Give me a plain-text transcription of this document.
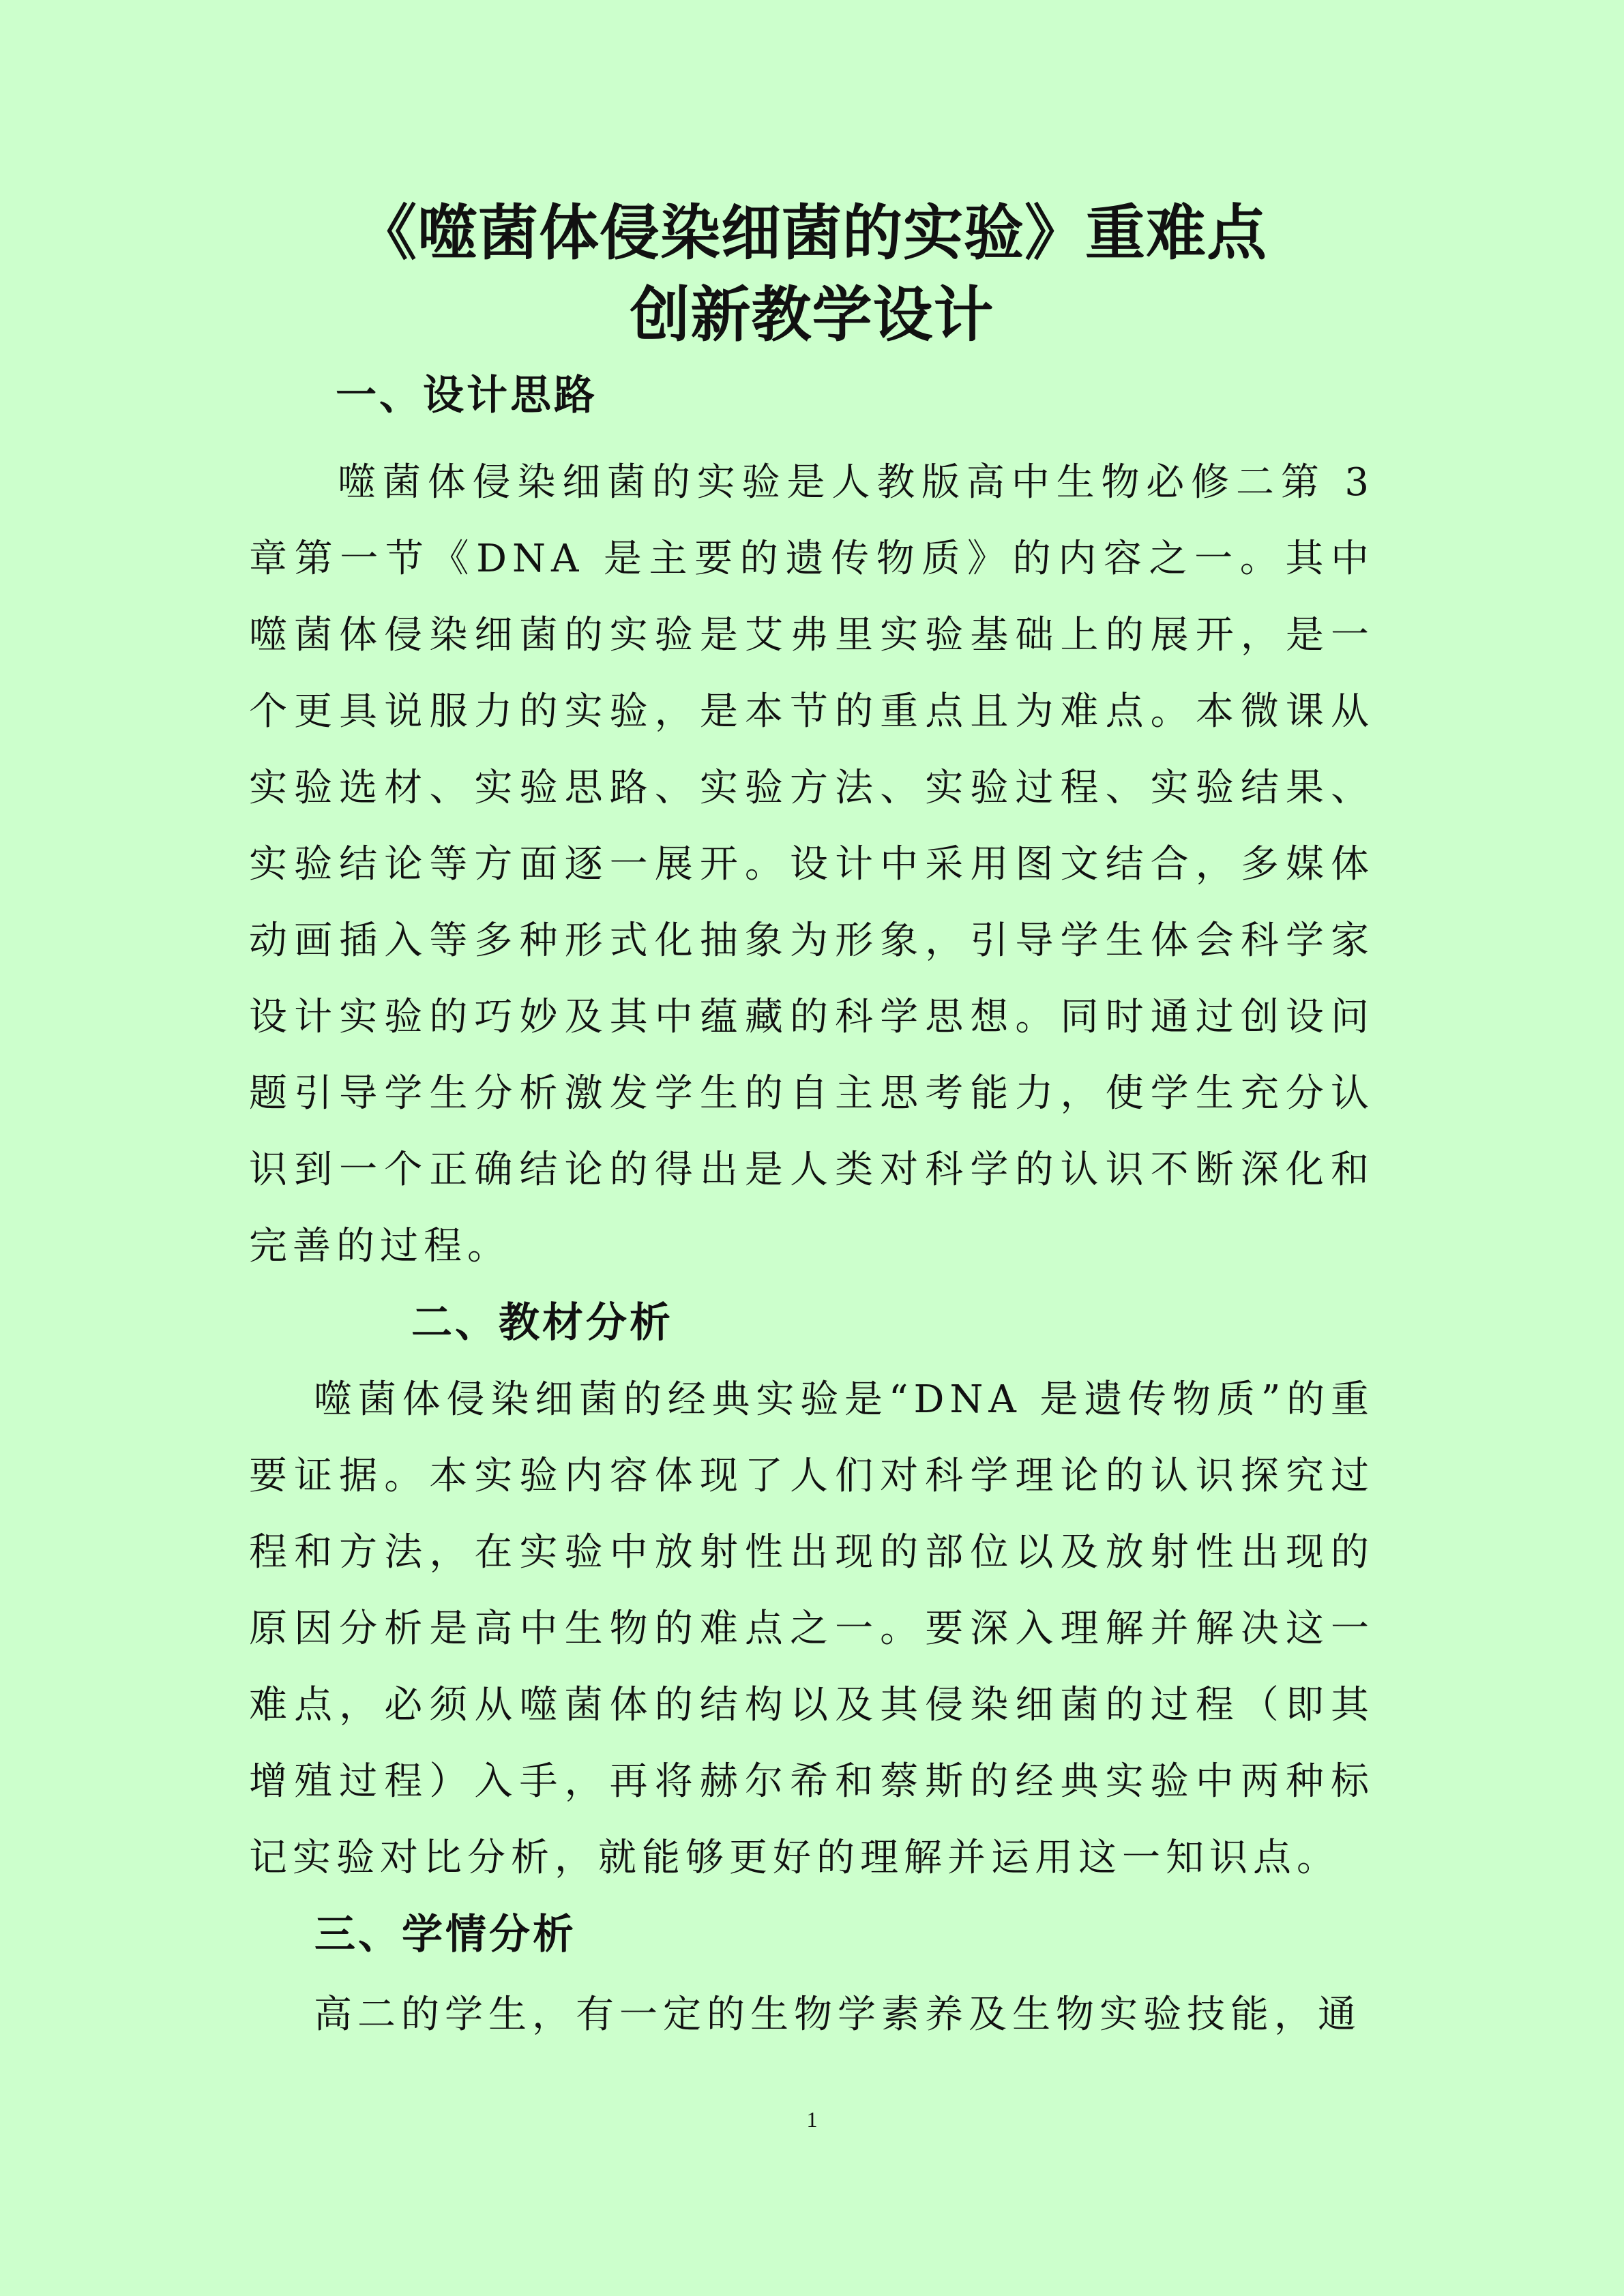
《噬菌体侵染细菌的实验》重难点
创新教学设计
一、设计思路
噬菌体侵染细菌的实验是人教版高中生物必修二第 3 章第一节《DNA 是主要的遗传物质》的内容之一。其中噬菌体侵染细菌的实验是艾弗里实验基础上的展开，是一个更具说服力的实验，是本节的重点且为难点。本微课从实验选材、实验思路、实验方法、实验过程、实验结果、实验结论等方面逐一展开。设计中采用图文结合，多媒体动画插入等多种形式化抽象为形象，引导学生体会科学家设计实验的巧妙及其中蕴藏的科学思想。同时通过创设问题引导学生分析激发学生的自主思考能力，使学生充分认识到一个正确结论的得出是人类对科学的认识不断深化和完善的过程。
二、教材分析
噬菌体侵染细菌的经典实验是“DNA 是遗传物质”的重要证据。本实验内容体现了人们对科学理论的认识探究过程和方法，在实验中放射性出现的部位以及放射性出现的原因分析是高中生物的难点之一。要深入理解并解决这一难点，必须从噬菌体的结构以及其侵染细菌的过程（即其增殖过程）入手，再将赫尔希和蔡斯的经典实验中两种标记实验对比分析，就能够更好的理解并运用这一知识点。
三、学情分析
高二的学生，有一定的生物学素养及生物实验技能，通
1
